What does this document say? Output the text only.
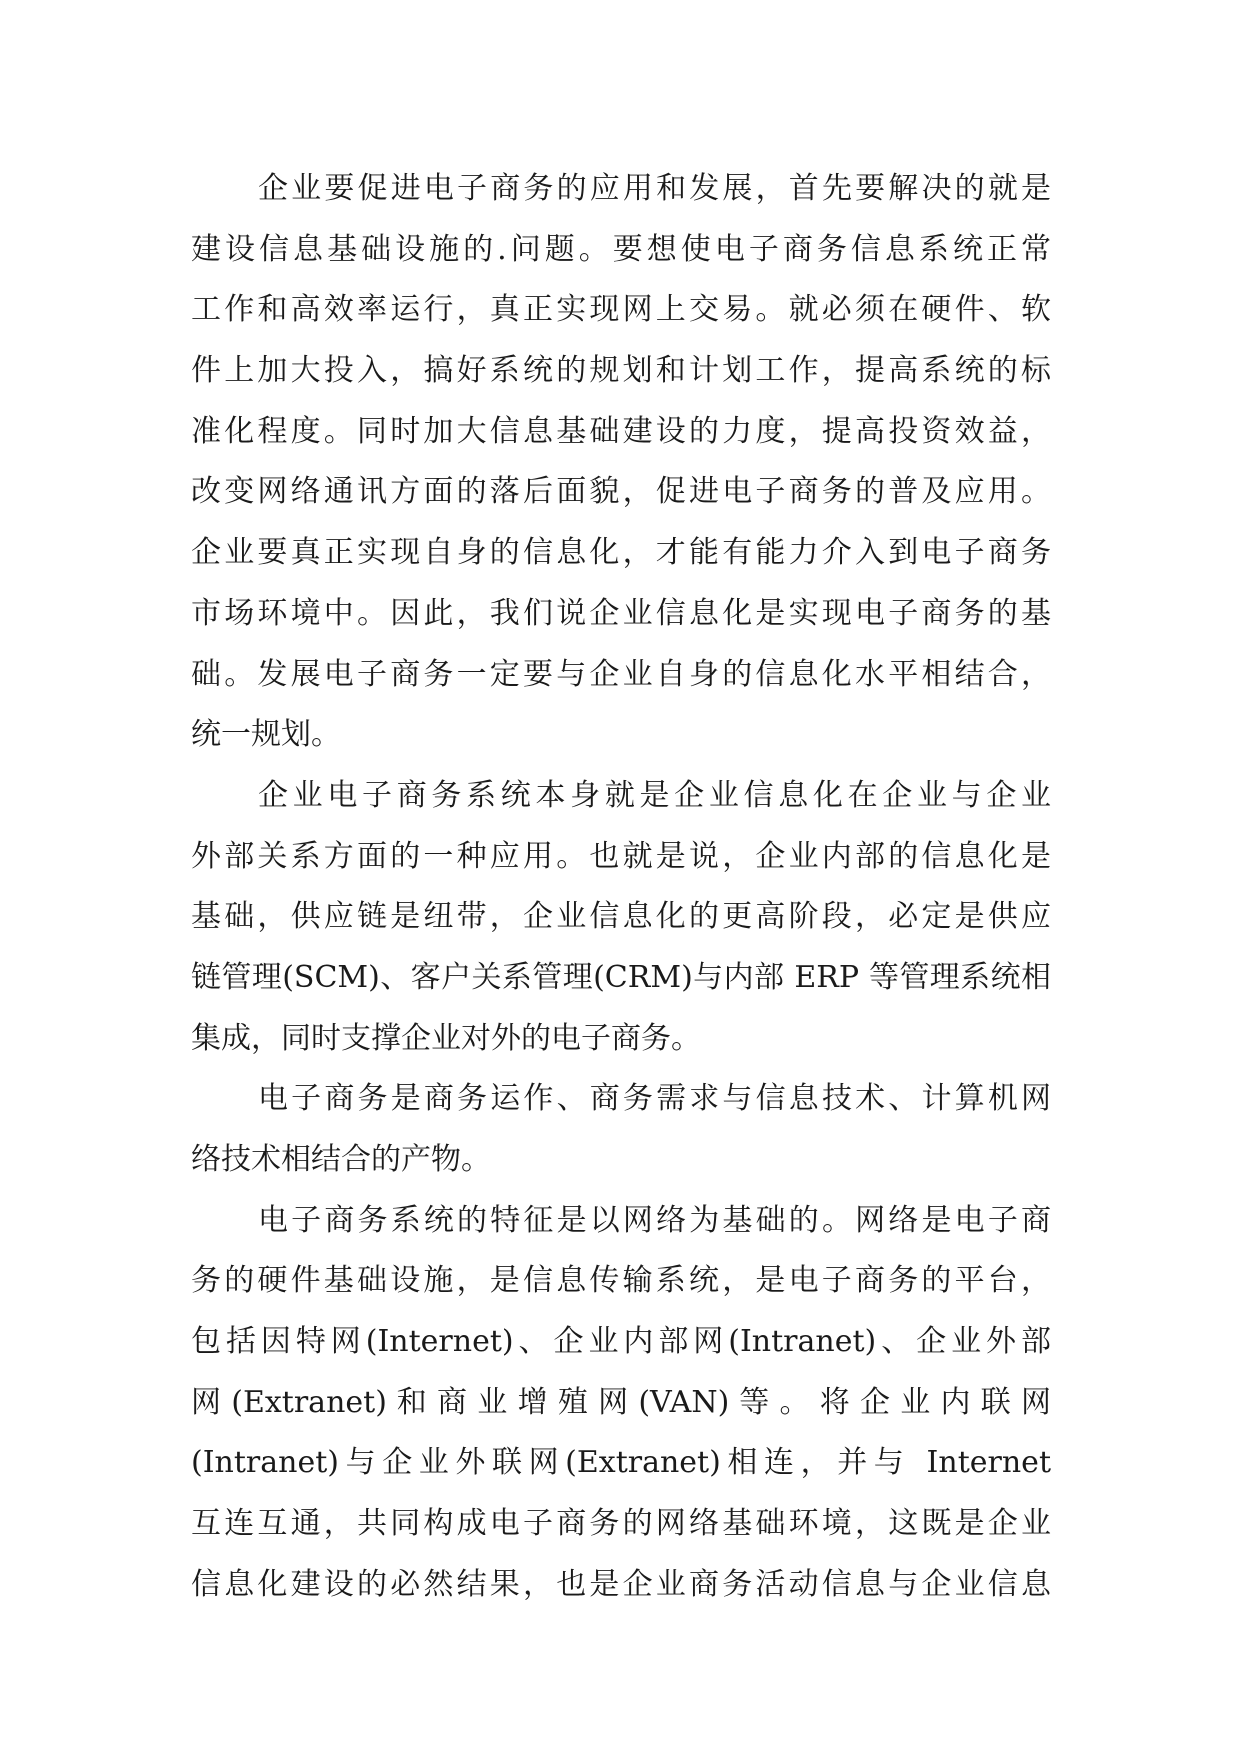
企业要促进电子商务的应用和发展，首先要解决的就是
建设信息基础设施的.问题。要想使电子商务信息系统正常
工作和高效率运行，真正实现网上交易。就必须在硬件、软
件上加大投入，搞好系统的规划和计划工作，提高系统的标
准化程度。同时加大信息基础建设的力度，提高投资效益，
改变网络通讯方面的落后面貌，促进电子商务的普及应用。
企业要真正实现自身的信息化，才能有能力介入到电子商务
市场环境中。因此，我们说企业信息化是实现电子商务的基
础。发展电子商务一定要与企业自身的信息化水平相结合，
统一规划。
企业电子商务系统本身就是企业信息化在企业与企业
外部关系方面的一种应用。也就是说，企业内部的信息化是
基础，供应链是纽带，企业信息化的更高阶段，必定是供应
链管理(SCM)、客户关系管理(CRM)与内部 ERP 等管理系统相
集成，同时支撑企业对外的电子商务。
电子商务是商务运作、商务需求与信息技术、计算机网
络技术相结合的产物。
电子商务系统的特征是以网络为基础的。网络是电子商
务的硬件基础设施，是信息传输系统，是电子商务的平台，
包括因特网(Internet)、企业内部网(Intranet)、企业外部
网 (Extranet) 和 商 业 增 殖 网 (VAN) 等 。 将 企 业 内 联 网
(Intranet)与企业外联网(Extranet)相连，并与 Internet
互连互通，共同构成电子商务的网络基础环境，这既是企业
信息化建设的必然结果，也是企业商务活动信息与企业信息
